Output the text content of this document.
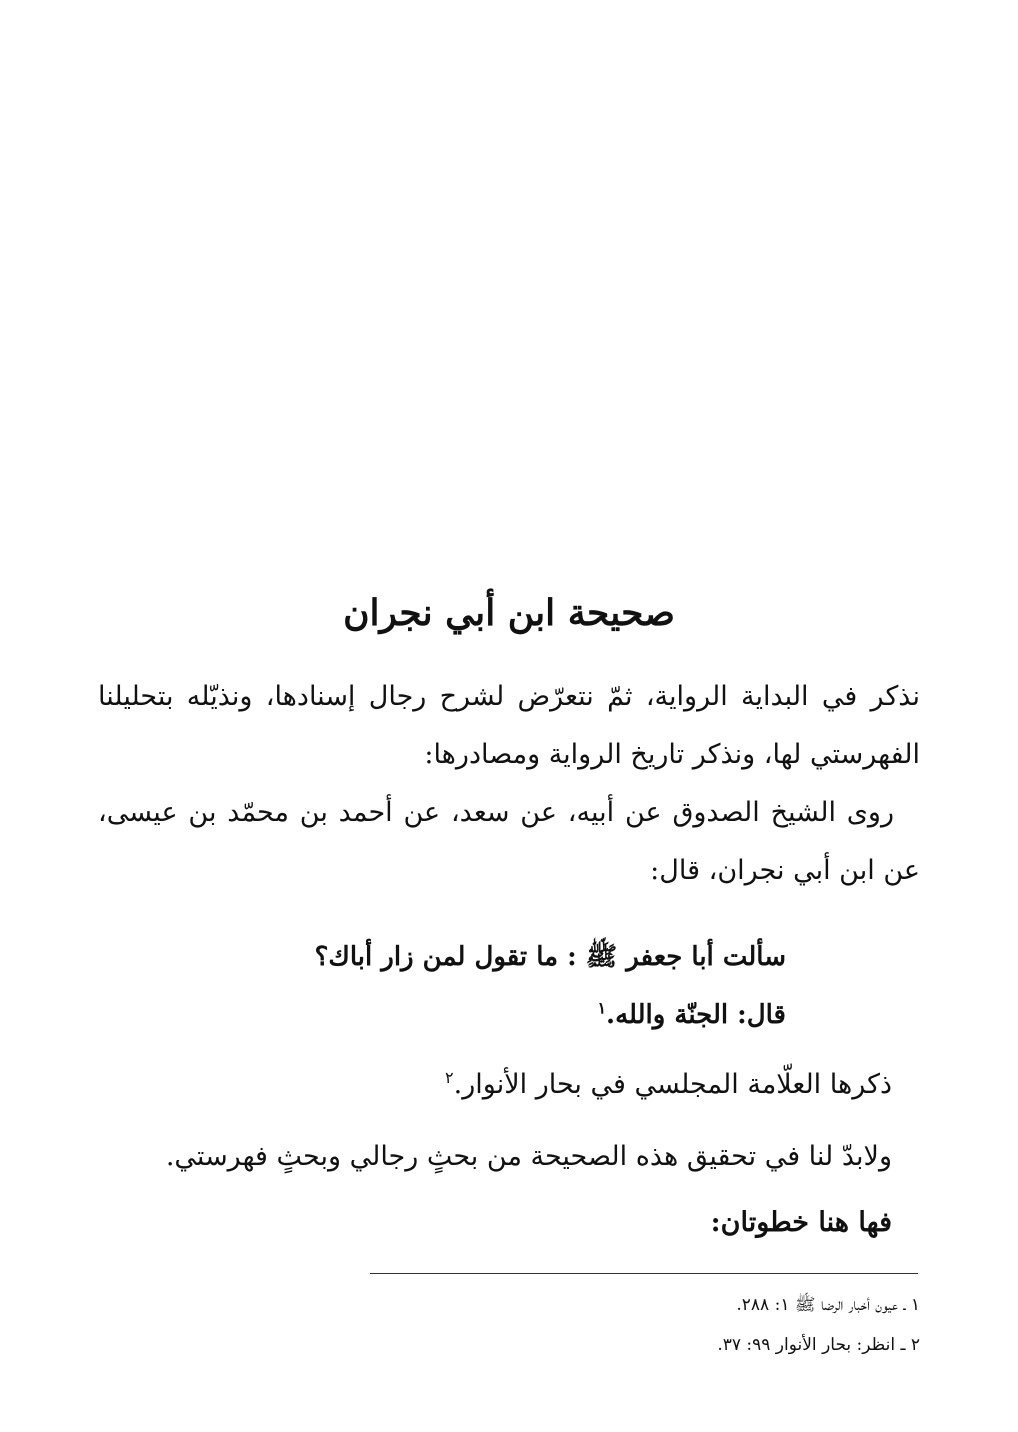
صحيحة ابن أبي نجران

نذكر في البداية الرواية، ثمّ نتعرّض لشرح رجال إسنادها، ونذيّله بتحليلنا الفهرستي لها، ونذكر تاريخ الرواية ومصادرها:

روى الشيخ الصدوق عن أبيه، عن سعد، عن أحمد بن محمّد بن عيسى، عن ابن أبي نجران، قال:

سألت أبا جعفر ﷺ : ما تقول لمن زار أباك؟

قال: الجنّة والله.$^١$

ذكرها العلّامة المجلسي في بحار الأنوار.$^٢$

ولابدّ لنا في تحقيق هذه الصحيحة من بحثٍ رجالي وبحثٍ فهرستي.

فها هنا خطوتان:

١ ـ عيون أخبار الرضا ﷺ ١: ٢٨٨.

٢ ـ انظر: بحار الأنوار ٩٩: ٣٧.
